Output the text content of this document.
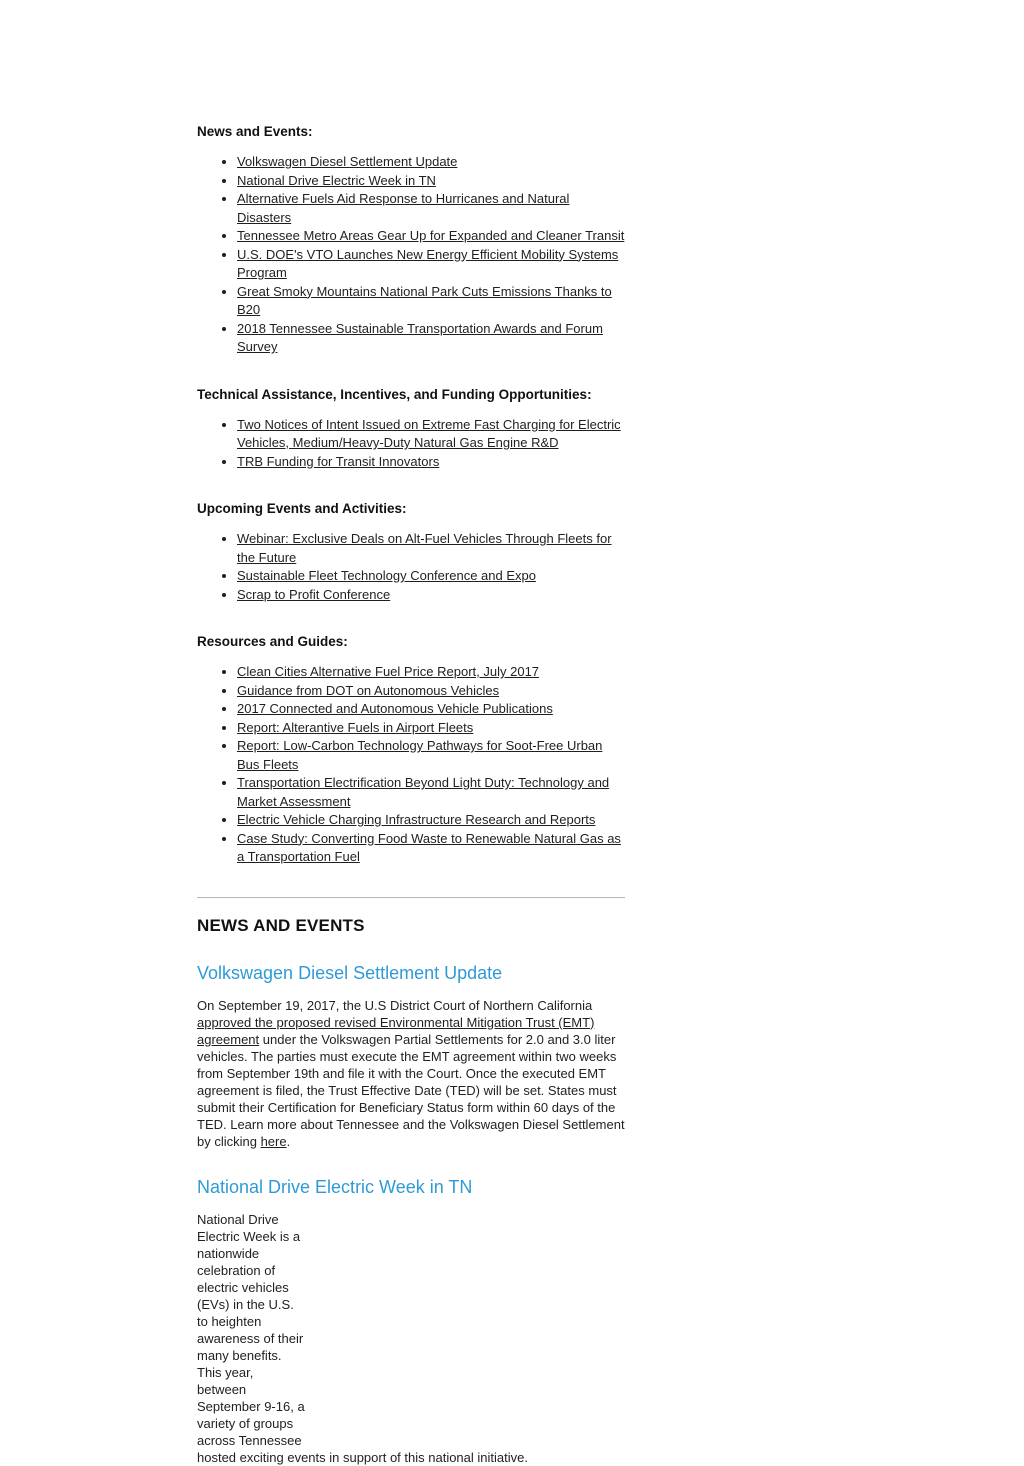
News and Events:
• Volkswagen Diesel Settlement Update
• National Drive Electric Week in TN
• Alternative Fuels Aid Response to Hurricanes and Natural Disasters
• Tennessee Metro Areas Gear Up for Expanded and Cleaner Transit
• U.S. DOE's VTO Launches New Energy Efficient Mobility Systems Program
• Great Smoky Mountains National Park Cuts Emissions Thanks to B20
• 2018 Tennessee Sustainable Transportation Awards and Forum Survey
Technical Assistance, Incentives, and Funding Opportunities:
• Two Notices of Intent Issued on Extreme Fast Charging for Electric Vehicles, Medium/Heavy-Duty Natural Gas Engine R&D
• TRB Funding for Transit Innovators
Upcoming Events and Activities:
• Webinar: Exclusive Deals on Alt-Fuel Vehicles Through Fleets for the Future
• Sustainable Fleet Technology Conference and Expo
• Scrap to Profit Conference
Resources and Guides:
• Clean Cities Alternative Fuel Price Report, July 2017
• Guidance from DOT on Autonomous Vehicles
• 2017 Connected and Autonomous Vehicle Publications
• Report: Alterantive Fuels in Airport Fleets
• Report: Low-Carbon Technology Pathways for Soot-Free Urban Bus Fleets
• Transportation Electrification Beyond Light Duty: Technology and Market Assessment
• Electric Vehicle Charging Infrastructure Research and Reports
• Case Study: Converting Food Waste to Renewable Natural Gas as a Transportation Fuel
NEWS AND EVENTS
Volkswagen Diesel Settlement Update

On September 19, 2017, the U.S District Court of Northern California approved the proposed revised Environmental Mitigation Trust (EMT) agreement under the Volkswagen Partial Settlements for 2.0 and 3.0 liter vehicles. The parties must execute the EMT agreement within two weeks from September 19th and file it with the Court. Once the executed EMT agreement is filed, the Trust Effective Date (TED) will be set. States must submit their Certification for Beneficiary Status form within 60 days of the TED. Learn more about Tennessee and the Volkswagen Diesel Settlement by clicking here.

National Drive Electric Week in TN

National Drive Electric Week is a nationwide celebration of electric vehicles (EVs) in the U.S. to heighten awareness of their many benefits. This year, between September 9-16, a variety of groups across Tennessee hosted exciting events in support of this national initiative.
